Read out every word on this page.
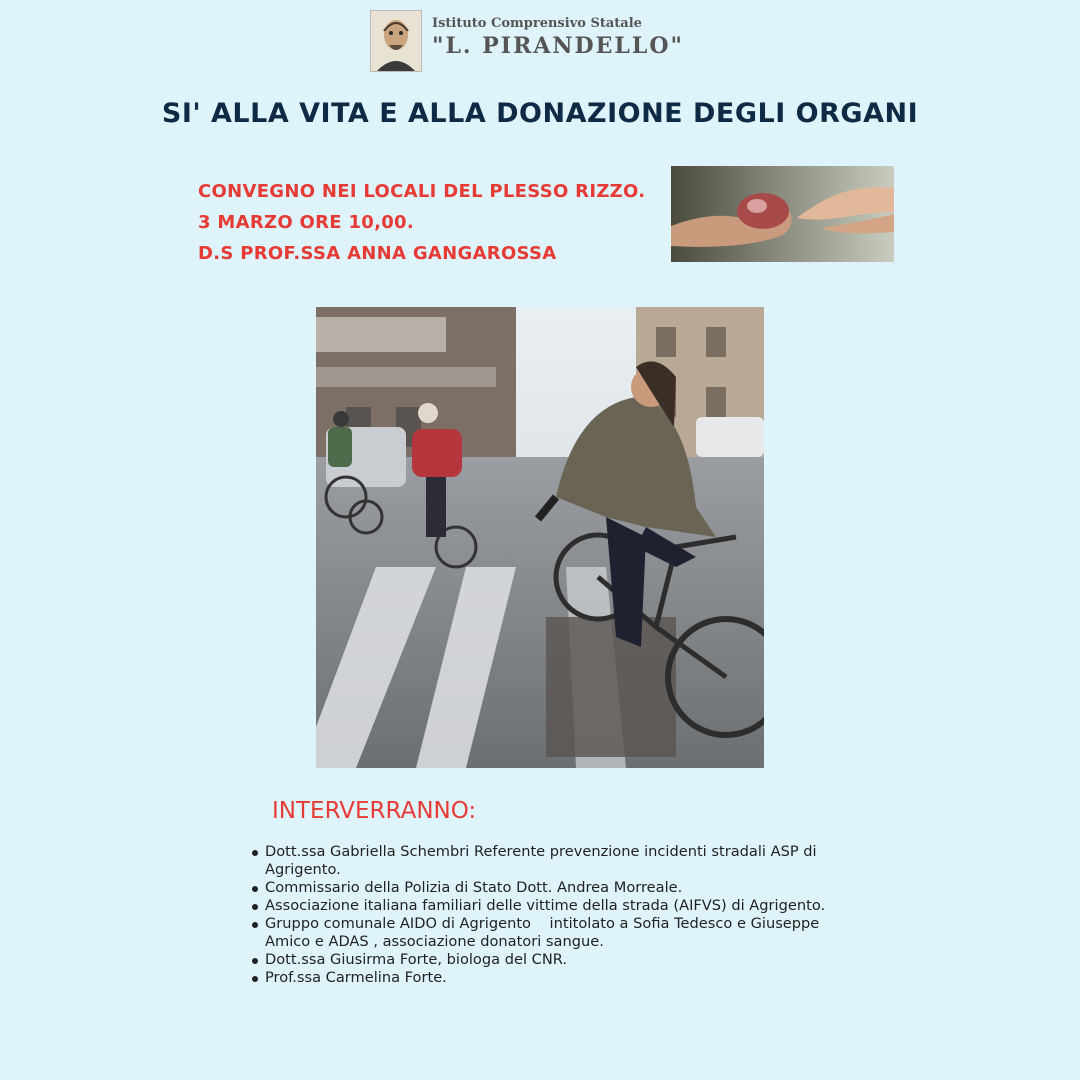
Istituto Comprensivo Statale
"L. PIRANDELLO"
SI' ALLA VITA E ALLA DONAZIONE DEGLI ORGANI
CONVEGNO NEI LOCALI DEL PLESSO RIZZO.
3 MARZO ORE 10,00.
D.S PROF.SSA ANNA GANGAROSSA
INTERVERRANNO:
Dott.ssa Gabriella Schembri Referente prevenzione incidenti stradali ASP di Agrigento.
Commissario della Polizia di Stato Dott. Andrea Morreale.
Associazione italiana familiari delle vittime della strada (AIFVS) di Agrigento.
Gruppo comunale AIDO di Agrigento    intitolato a Sofia Tedesco e Giuseppe Amico e ADAS , associazione donatori sangue.
Dott.ssa Giusirma Forte, biologa del CNR.
Prof.ssa Carmelina Forte.
